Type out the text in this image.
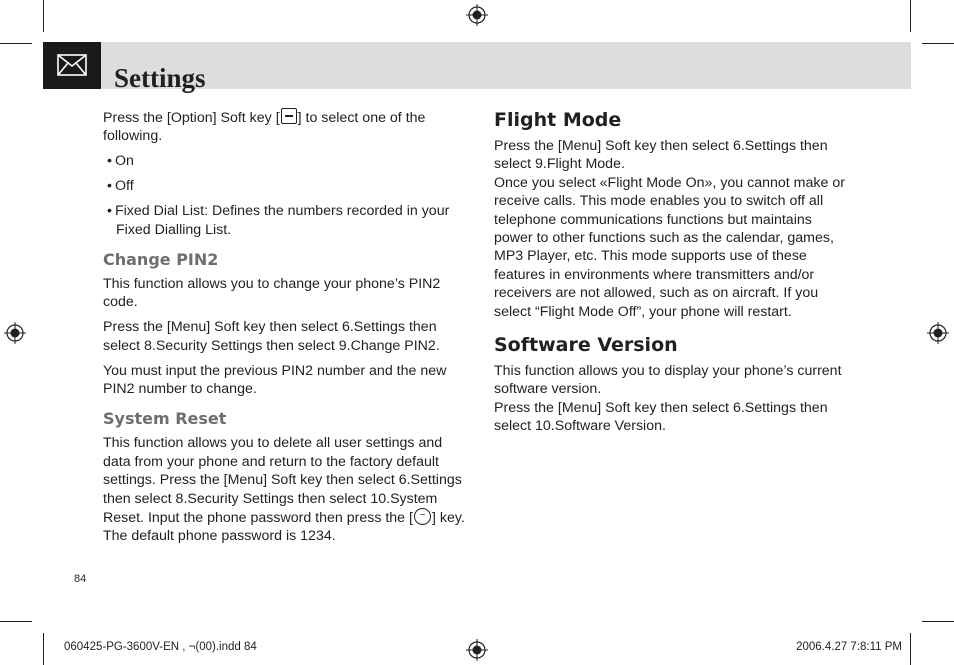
Settings

Press the [Option] Soft key [ ] to select one of the following.

• On
• Off
• Fixed Dial List: Defines the numbers recorded in your Fixed Dialling List.
Change PIN2

This function allows you to change your phone’s PIN2 code.

Press the [Menu] Soft key then select 6.Settings then select 8.Security Settings then select 9.Change PIN2.

You must input the previous PIN2 number and the new PIN2 number to change.

System Reset

This function allows you to delete all user settings and data from your phone and return to the factory default settings. Press the [Menu] Soft key then select 6.Settings then select 8.Security Settings then select 10.System Reset. Input the phone password then press the [~ ] key. The default phone password is 1234.

Flight Mode

Press the [Menu] Soft key then select 6.Settings then select 9.Flight Mode.

Once you select «Flight Mode On», you cannot make or receive calls. This mode enables you to switch off all telephone communications functions but maintains power to other functions such as the calendar, games, MP3 Player, etc. This mode supports use of these features in environments where transmitters and/or receivers are not allowed, such as on aircraft. If you select “Flight Mode Off”, your phone will restart.

Software Version

This function allows you to display your phone’s current software version.

Press the [Menu] Soft key then select 6.Settings then select 10.Software Version.

84
060425-PG-3600V-EN , ¬(00).indd 84	2006.4.27 7:8:11 PM
